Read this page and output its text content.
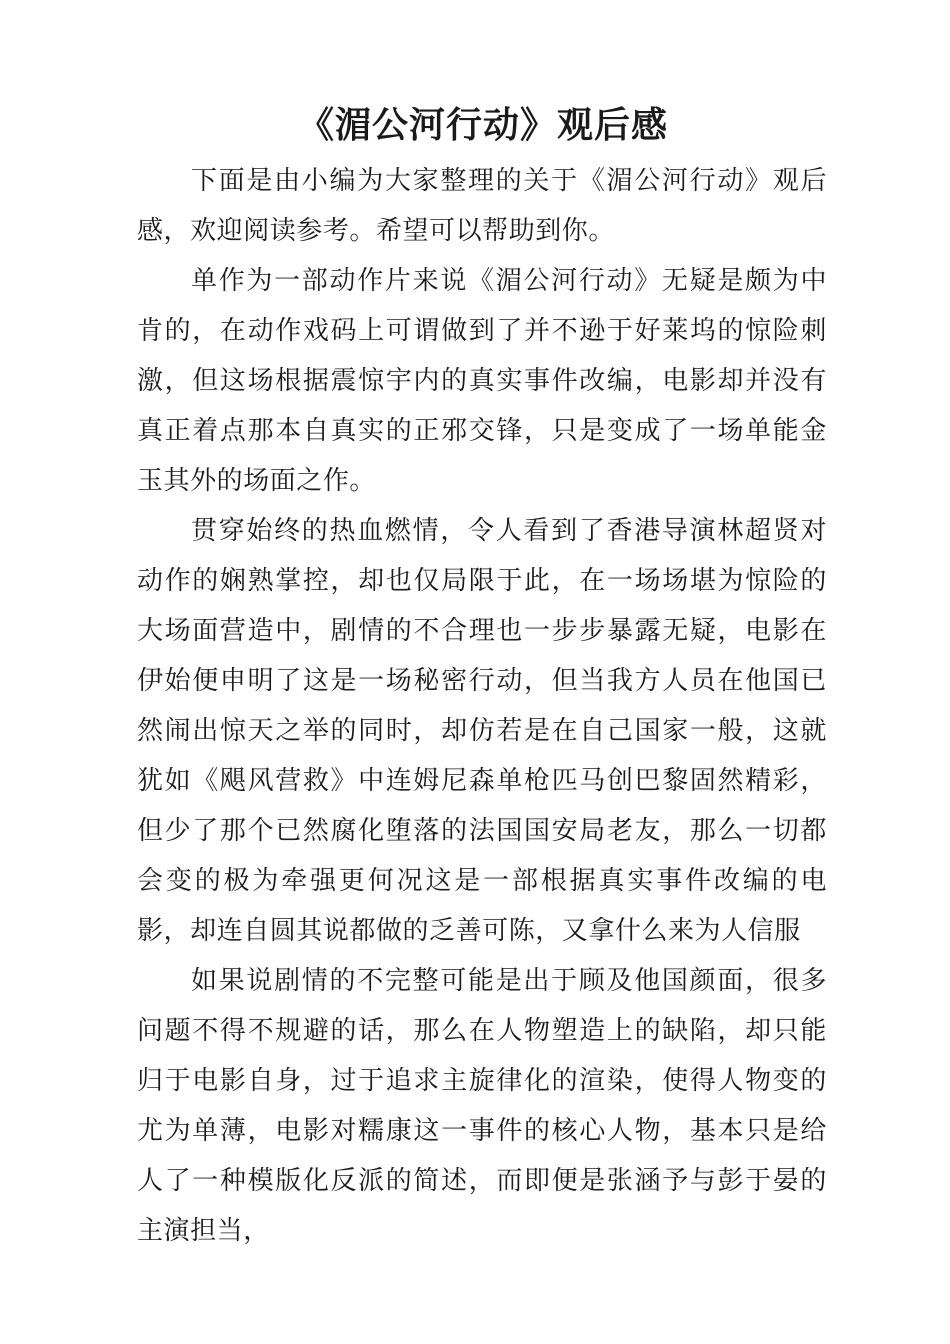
《湄公河行动》观后感

下面是由小编为大家整理的关于《湄公河行动》观后感，欢迎阅读参考。希望可以帮助到你。

单作为一部动作片来说《湄公河行动》无疑是颇为中肯的，在动作戏码上可谓做到了并不逊于好莱坞的惊险刺激，但这场根据震惊宇内的真实事件改编，电影却并没有真正着点那本自真实的正邪交锋，只是变成了一场单能金玉其外的场面之作。

贯穿始终的热血燃情，令人看到了香港导演林超贤对动作的娴熟掌控，却也仅局限于此，在一场场堪为惊险的大场面营造中，剧情的不合理也一步步暴露无疑，电影在伊始便申明了这是一场秘密行动，但当我方人员在他国已然闹出惊天之举的同时，却仿若是在自己国家一般，这就犹如《飓风营救》中连姆尼森单枪匹马创巴黎固然精彩，但少了那个已然腐化堕落的法国国安局老友，那么一切都会变的极为牵强更何况这是一部根据真实事件改编的电影，却连自圆其说都做的乏善可陈，又拿什么来为人信服

如果说剧情的不完整可能是出于顾及他国颜面，很多问题不得不规避的话，那么在人物塑造上的缺陷，却只能归于电影自身，过于追求主旋律化的渲染，使得人物变的尤为单薄，电影对糯康这一事件的核心人物，基本只是给人了一种模版化反派的简述，而即便是张涵予与彭于晏的主演担当，
